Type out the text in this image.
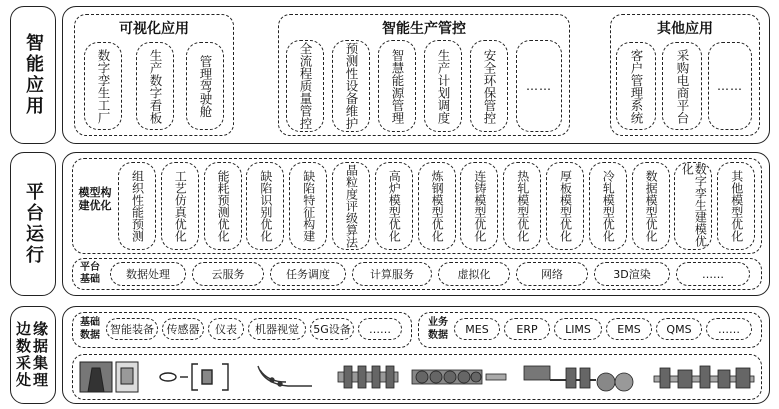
智能应用
可视化应用
数字孪生工厂	生产数字看板	管理驾驶舱
智能生产管控
全流程质量管控 预测性设备维护 智慧能源管理 生产计划调度 安全环保管控 ……
其他应用
客户管理系统 采购电商平台 ……
平台运行	模型构建优化 组织性能预测 工艺仿真优化 能耗预测优化 缺陷识别优化 缺陷特征构建 晶粒度评级算法 高炉模型优化 炼钢模型优化 连铸模型优化 热轧模型优化 厚板模型优化 冷轧模型优化 数据模型优化	数字孪生建模优化
其他模型优化
平台基础	数据处理	云服务	任务调度	计算服务	虚拟化	网络	3D渲染	……
边缘数据采集处理
基础数据 智能装备 传感器 仪表 机器视觉 5G设备 ……	业务数据	MES	ERP LIMS EMS QMS ……
